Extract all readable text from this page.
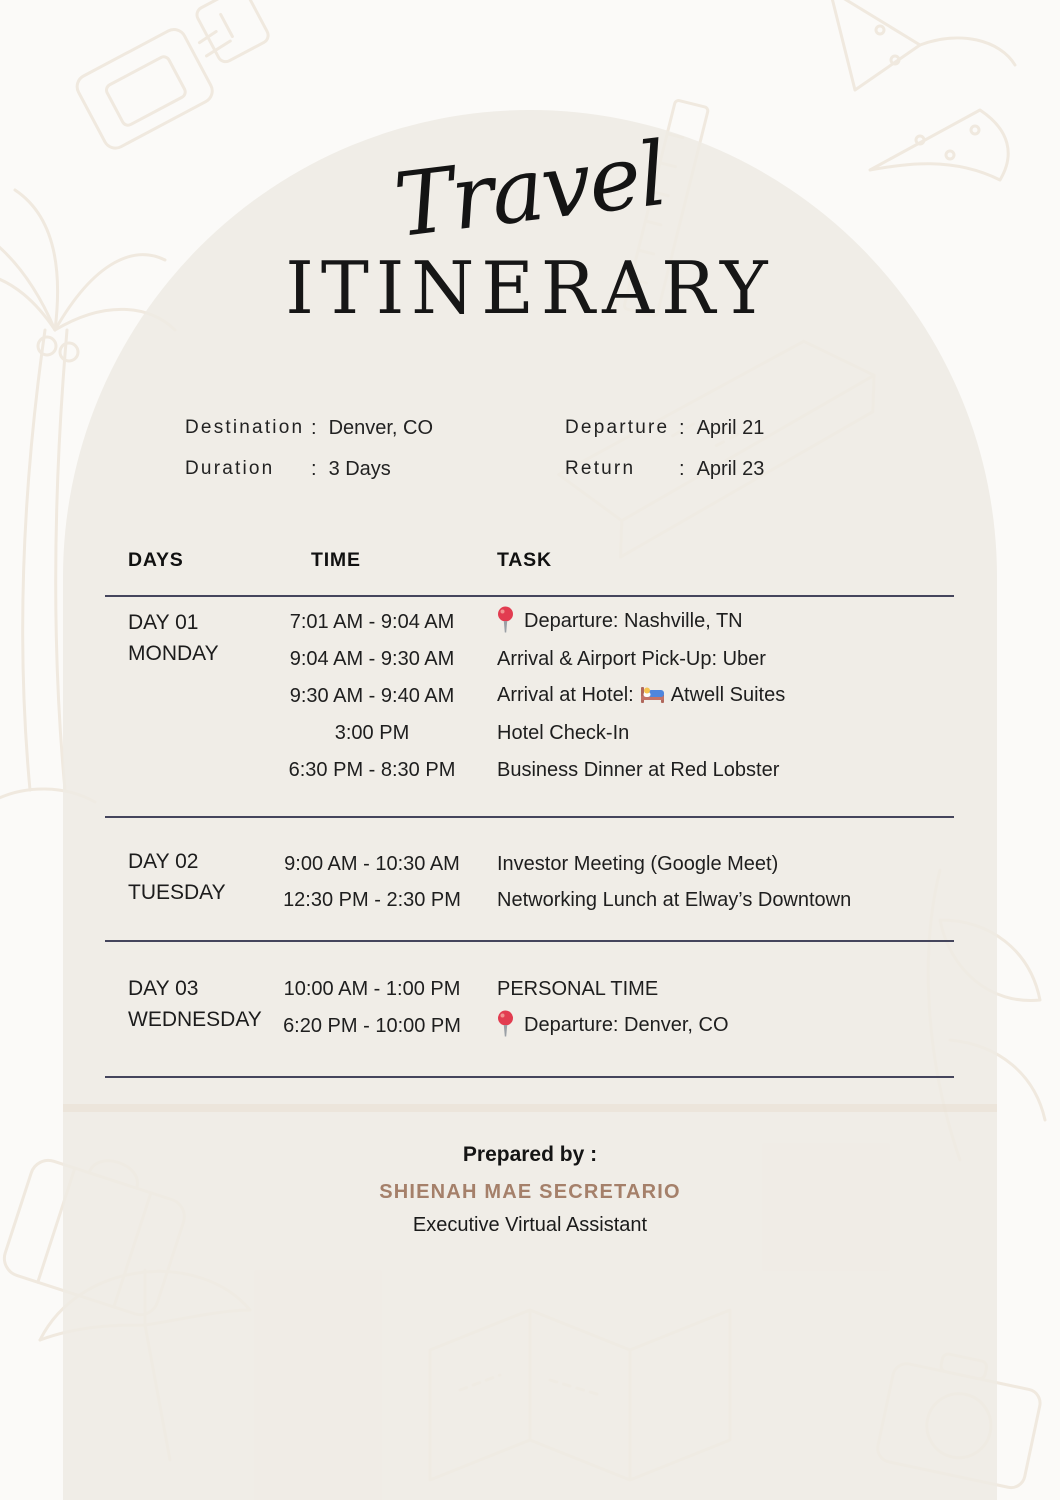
Travel
ITINERARY
Destination : Denver, CO
Duration	: 3 Days
Departure : April 21
Return	: April 23
DAYS	TIME	TASK
DAY 01
MONDAY
7:01 AM - 9:04 AM	Departure: Nashville, TN
9:04 AM - 9:30 AM	Arrival & Airport Pick-Up: Uber
9:30 AM - 9:40 AM	Arrival at Hotel: Atwell Suites
3:00 PM	Hotel Check-In
6:30 PM - 8:30 PM	Business Dinner at Red Lobster
DAY 02
TUESDAY
9:00 AM - 10:30 AM	Investor Meeting (Google Meet)
12:30 PM - 2:30 PM	Networking Lunch at Elway’s Downtown
DAY 03
WEDNESDAY
10:00 AM - 1:00 PM	PERSONAL TIME
6:20 PM - 10:00 PM	Departure: Denver, CO
Prepared by :
SHIENAH MAE SECRETARIO
Executive Virtual Assistant
